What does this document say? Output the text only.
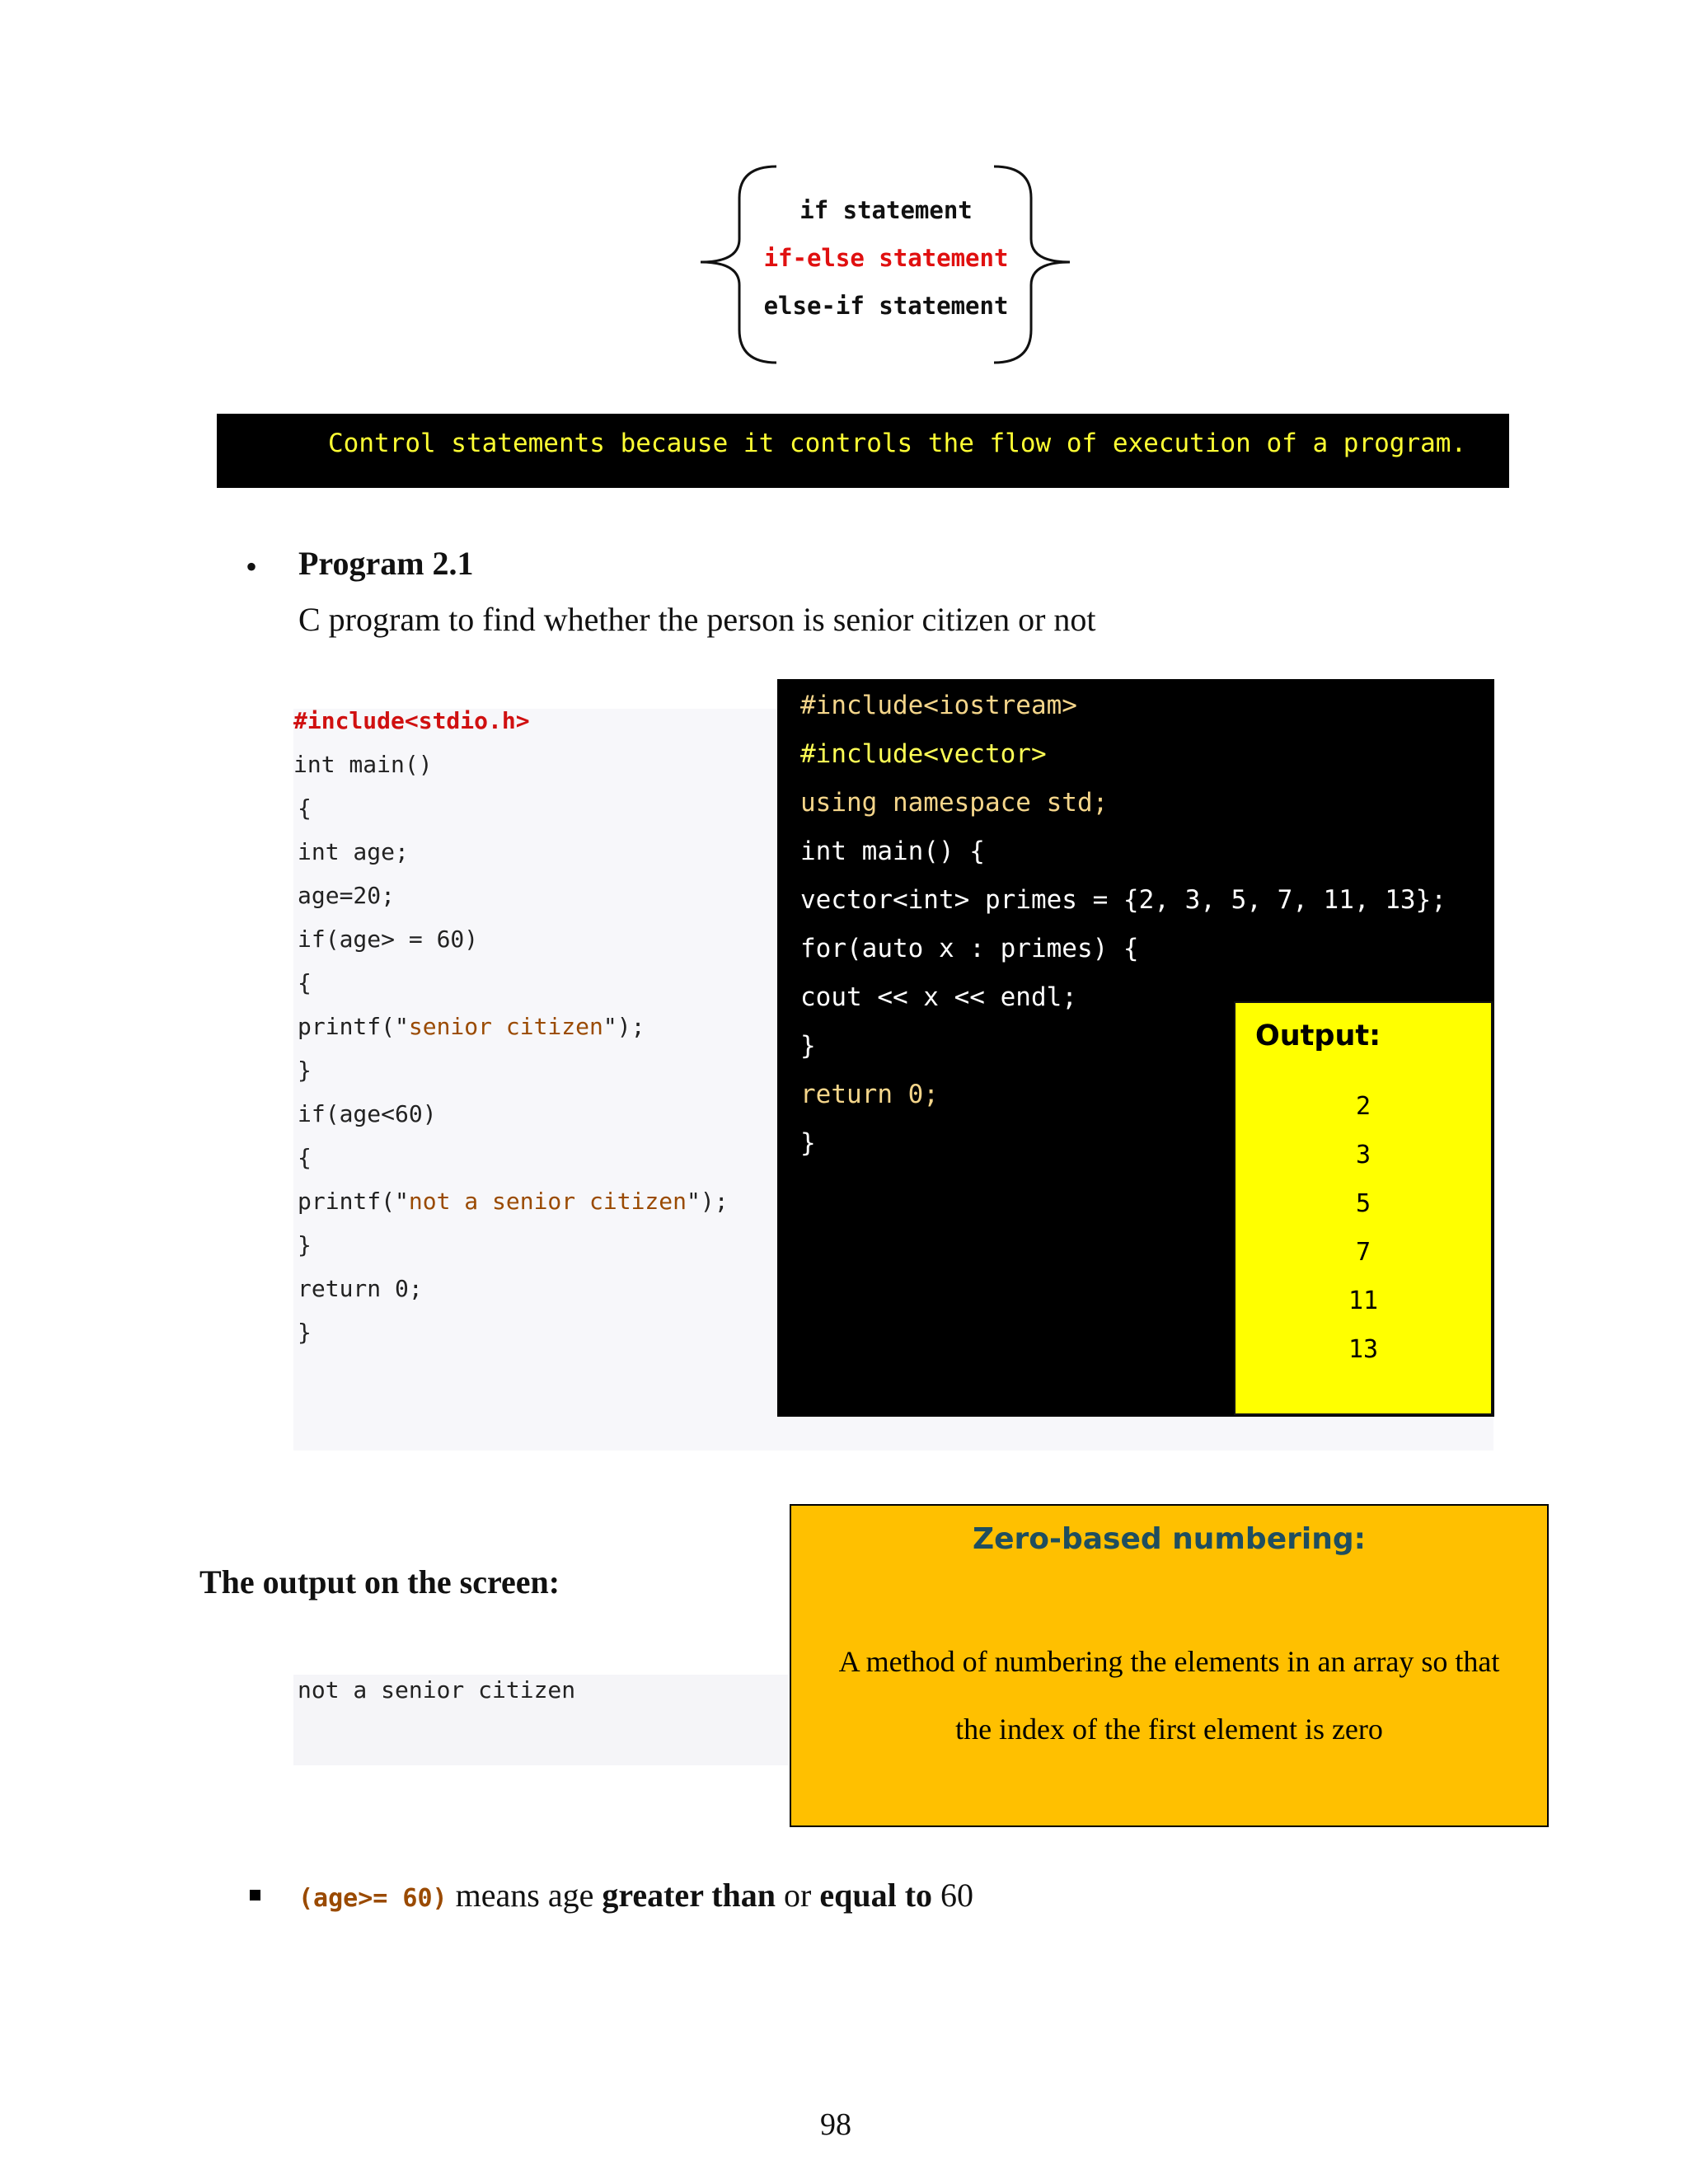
if statement
if-else statement
else-if statement
Control statements because it controls the flow of execution of a program.
• Program 2.1
C program to find whether the person is senior citizen or not
#include<stdio.h>
int main()
{
int age;
age=20;
if(age> = 60)
{
printf("senior citizen");
}
if(age<60)
{
printf("not a senior citizen");
}
return 0;
}
#include<iostream>
#include<vector>
using namespace std;
int main() {
vector<int> primes = {2, 3, 5, 7, 11, 13};
for(auto x : primes) {
cout << x << endl;
}
return 0;
}
Output:
2
3
5
7
11
13
The output on the screen:
not a senior citizen
Zero-based numbering:
A method of numbering the elements in an array so that
the index of the first element is zero
(age>= 60) means age greater than or equal to 60
98
